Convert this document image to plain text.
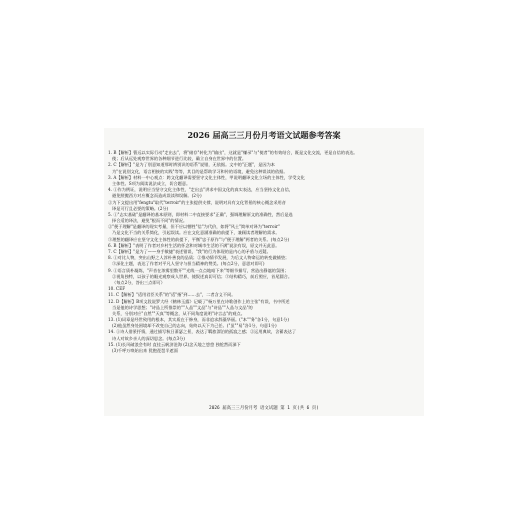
2026 届高三三月份月考语文试题参考答案
1. B【解析】曹远以实际行动"走出去"，将"储存"转化为"输出"，这就是"赚录"与"使者"的有效结合，既是文化交流，更是自信的表达。
使；后从远处观察世界的各种细节进行比较，确立自身在世界中的位置。
2. C【解析】"是为了别意知道那时辨别识的语系"说错，无依据。文中的"正题"，是因为本
为"在说别文化，语言相接的实践"等等，其目的是帮助学习和传的语境，避免这种误读的依据。
3. A【解析】材料一中心观点：跨文化翻译需要坚守文化主体性，甲说明翻译文化立场的主体性，学受文化
主体性。S项为阅读说法成立，切合题意。
4. ①作为例证，说明应当坚守文化主体性，"走出去"讲求中国文化的真实表达，应当坚持文化自信，
避免照搬西方对应概念而造成误读和误解。(2分)
②为下文提出用"fengtu"取代"terroir"的主张提供支撑，说明对具有文化背景的核心概念采用音
译是可行且必要的策略。(2分)
5. ①"志实基础"是翻译的基本原则，即材料二中直接要求"正确"，强调理解原文的准确性，然后是选
择合适的译法，避免"根而不同"的情况。
②"便于理解"是翻译的现实考量，但不应以牺牲"信"为代价，如将"风土"简单对译为"terroir"
乃是文化不当的关系简化，引起误读。应在文化意涵准确的前提下，兼顾读者理解的需求。
③理想的翻译应在坚守文化主体性的前提下，平衡"忠于原作"与"便于理解"两者的关系。(每点2分)
6. B【解析】"表明了作者对乡村生活的怀念和对城市生活的不满"说法有误，原文并无此意。
7. C【解析】"是为了——身手敏捷"表述错误，"我"的行为体现的是内心的矛盾与迟疑。
8. ①对比人物，突出山野之人淳朴善良的品质；②推动情节发展，为后文人物命运的转变做铺垫；
③深化主题，表达了作者对平凡人坚守与担当精神的赞美。(每点2分，意思对即可)
9. ①语言质朴凝练，"声音在浓雾里散开""光线一点点地暗下来"等细节描写，营造出静谧的氛围；
②视角独特，以孩子的眼光观察成人世界，使叙述真切可信；③结构精巧，前后照应，首尾圆合。
（每点2分，答出三点即可）
10. CEF
11. C【解析】"适用君臣关系"的"适"指"到……去"，二者含义不同。
12. D【解析】B项文段说罗大经《鹤林玉露》记载了"杨万里在诗歌创作上的主张"有误，书中所述
当是他的诗学思想；"诗品上所推崇的""人品""文品"与"诗品""人品与文品"的
关系，分别对应"自然""天真"等概念，从不同角度说明"诗言志"的观点。
13. (1)词章是经世致用的根本，其实质在于修身，而非追求辞藻华丽。("本""务"各1分，句意1分)
(2)他虽然身处困境却不改变自己的志向，始终以天下为己任。("虽""易"各1分，句意1分)
14. ①诗人借景抒情，通过描写秋日萧瑟之景，表达了羁旅漂泊的孤寂之感；②运用典故，含蓄表达了
诗人对故乡亲人的深切思念。(每点3分)
15. (1)长风破浪会有时 直挂云帆济沧海 (2)念天地之悠悠 独怆然而涕下
(3)千呼万唤始出来 犹抱琵琶半遮面
2026 届高三三月份月考 语文试题 第 1 页(共 6 页)
